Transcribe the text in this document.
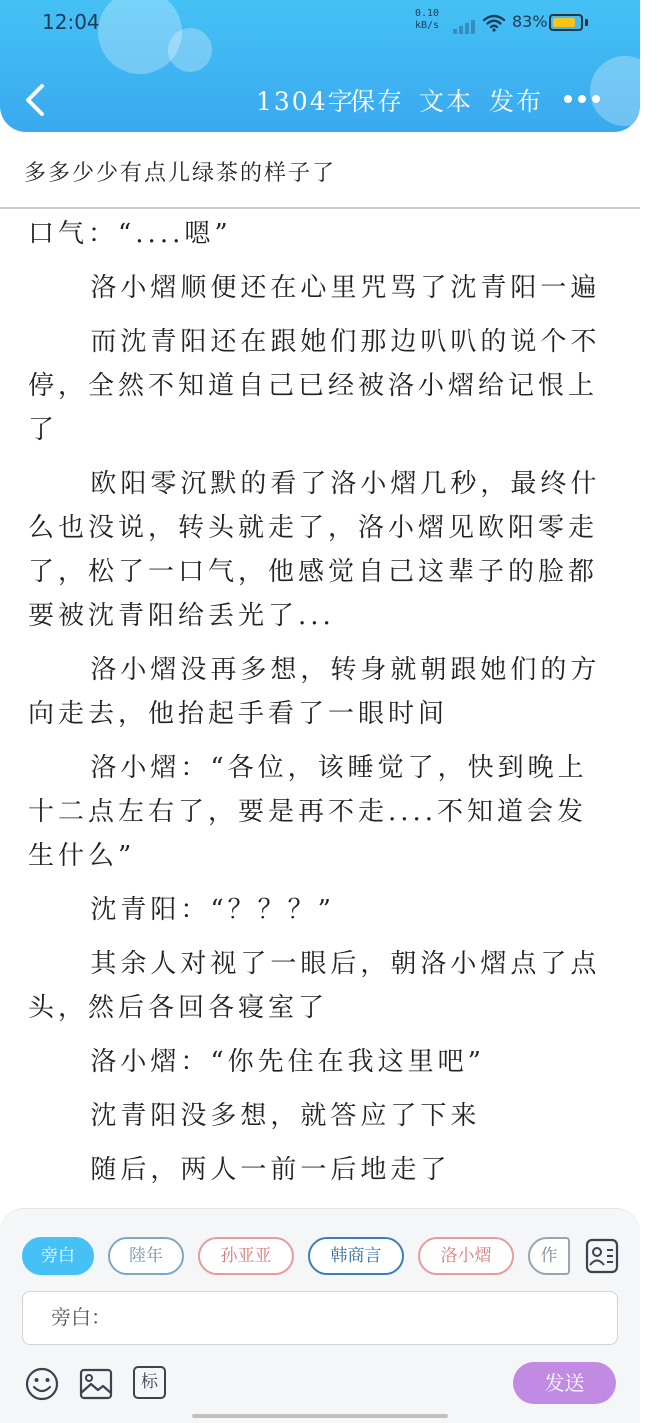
12:04	0.10
kB/s	83%
1304字
保存 文本 发布
多多少少有点儿绿茶的样子了

口气：“....嗯”

洛小熠顺便还在心里咒骂了沈青阳一遍

而沈青阳还在跟她们那边叭叭的说个不停，全然不知道自己已经被洛小熠给记恨上了

欧阳零沉默的看了洛小熠几秒，最终什么也没说，转头就走了，洛小熠见欧阳零走了，松了一口气，他感觉自己这辈子的脸都要被沈青阳给丢光了...

洛小熠没再多想，转身就朝跟她们的方向走去，他抬起手看了一眼时间

洛小熠：“各位，该睡觉了，快到晚上十二点左右了，要是再不走....不知道会发生什么”

沈青阳：“？？？”

其余人对视了一眼后，朝洛小熠点了点头，然后各回各寝室了

洛小熠：“你先住在我这里吧”

沈青阳没多想，就答应了下来

随后，两人一前一后地走了

旁白	陸年	孙亚亚	韩商言	洛小熠	作
旁白：
标	发送
